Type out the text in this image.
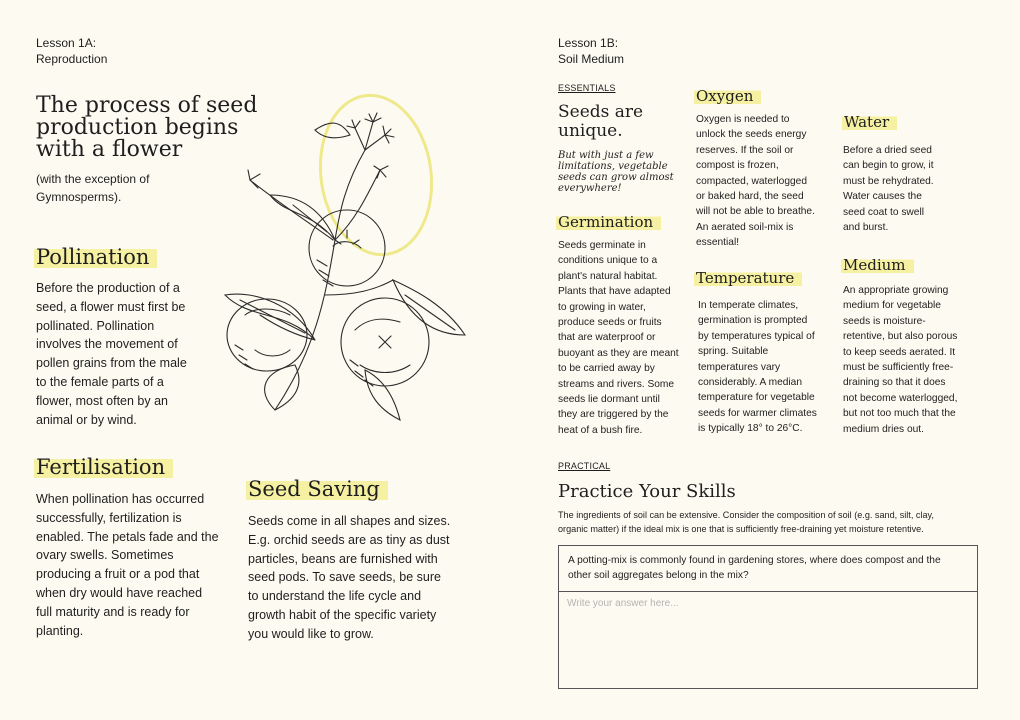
Lesson 1A:
Reproduction
The process of seed
production begins
with a flower
(with the exception of
Gymnosperms).
Pollination
Before the production of a
seed, a flower must first be
pollinated. Pollination
involves the movement of
pollen grains from the male
to the female parts of a
flower, most often by an
animal or by wind.
Fertilisation
When pollination has occurred
successfully, fertilization is
enabled. The petals fade and the
ovary swells. Sometimes
producing a fruit or a pod that
when dry would have reached
full maturity and is ready for
planting.
Seed Saving
Seeds come in all shapes and sizes.
E.g. orchid seeds are as tiny as dust
particles, beans are furnished with
seed pods. To save seeds, be sure
to understand the life cycle and
growth habit of the specific variety
you would like to grow.
Lesson 1B:
Soil Medium
ESSENTIALS
Seeds are
unique.
But with just a few
limitations, vegetable
seeds can grow almost
everywhere!
Germination
Seeds germinate in
conditions unique to a
plant's natural habitat.
Plants that have adapted
to growing in water,
produce seeds or fruits
that are waterproof or
buoyant as they are meant
to be carried away by
streams and rivers. Some
seeds lie dormant until
they are triggered by the
heat of a bush fire.
Oxygen
Oxygen is needed to
unlock the seeds energy
reserves. If the soil or
compost is frozen,
compacted, waterlogged
or baked hard, the seed
will not be able to breathe.
An aerated soil-mix is
essential!
Temperature
In temperate climates,
germination is prompted
by temperatures typical of
spring. Suitable
temperatures vary
considerably. A median
temperature for vegetable
seeds for warmer climates
is typically 18° to 26°C.
Water
Before a dried seed
can begin to grow, it
must be rehydrated.
Water causes the
seed coat to swell
and burst.
Medium
An appropriate growing
medium for vegetable
seeds is moisture-
retentive, but also porous
to keep seeds aerated. It
must be sufficiently free-
draining so that it does
not become waterlogged,
but not too much that the
medium dries out.
PRACTICAL
Practice Your Skills
The ingredients of soil can be extensive. Consider the composition of soil (e.g. sand, silt, clay,
organic matter) if the ideal mix is one that is sufficiently free-draining yet moisture retentive.
A potting-mix is commonly found in gardening stores, where does compost and the
other soil aggregates belong in the mix?
Write your answer here...
